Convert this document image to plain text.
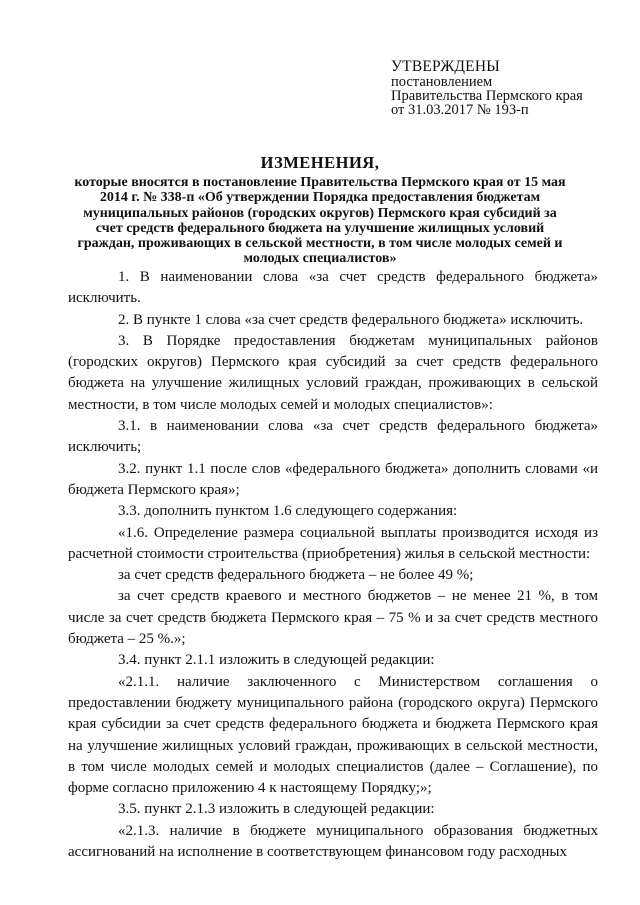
УТВЕРЖДЕНЫ
постановлением
Правительства Пермского края
от 31.03.2017 № 193-п
ИЗМЕНЕНИЯ,
которые вносятся в постановление Правительства Пермского края от 15 мая 2014 г. № 338-п «Об утверждении Порядка предоставления бюджетам муниципальных районов (городских округов) Пермского края субсидий за счет средств федерального бюджета на улучшение жилищных условий граждан, проживающих в сельской местности, в том числе молодых семей и молодых специалистов»

1. В наименовании слова «за счет средств федерального бюджета» исключить.

2. В пункте 1 слова «за счет средств федерального бюджета» исключить.

3. В Порядке предоставления бюджетам муниципальных районов (городских округов) Пермского края субсидий за счет средств федерального бюджета на улучшение жилищных условий граждан, проживающих в сельской местности, в том числе молодых семей и молодых специалистов»:

3.1. в наименовании слова «за счет средств федерального бюджета» исключить;

3.2. пункт 1.1 после слов «федерального бюджета» дополнить словами «и бюджета Пермского края»;

3.3. дополнить пунктом 1.6 следующего содержания:

«1.6. Определение размера социальной выплаты производится исходя из расчетной стоимости строительства (приобретения) жилья в сельской местности:

за счет средств федерального бюджета – не более 49 %;

за счет средств краевого и местного бюджетов – не менее 21 %, в том числе за счет средств бюджета Пермского края – 75 % и за счет средств местного бюджета – 25 %.»;

3.4. пункт 2.1.1 изложить в следующей редакции:

«2.1.1. наличие заключенного с Министерством соглашения о предоставлении бюджету муниципального района (городского округа) Пермского края субсидии за счет средств федерального бюджета и бюджета Пермского края на улучшение жилищных условий граждан, проживающих в сельской местности, в том числе молодых семей и молодых специалистов (далее – Соглашение), по форме согласно приложению 4 к настоящему Порядку;»;

3.5. пункт 2.1.3 изложить в следующей редакции:

«2.1.3. наличие в бюджете муниципального образования бюджетных ассигнований на исполнение в соответствующем финансовом году расходных
